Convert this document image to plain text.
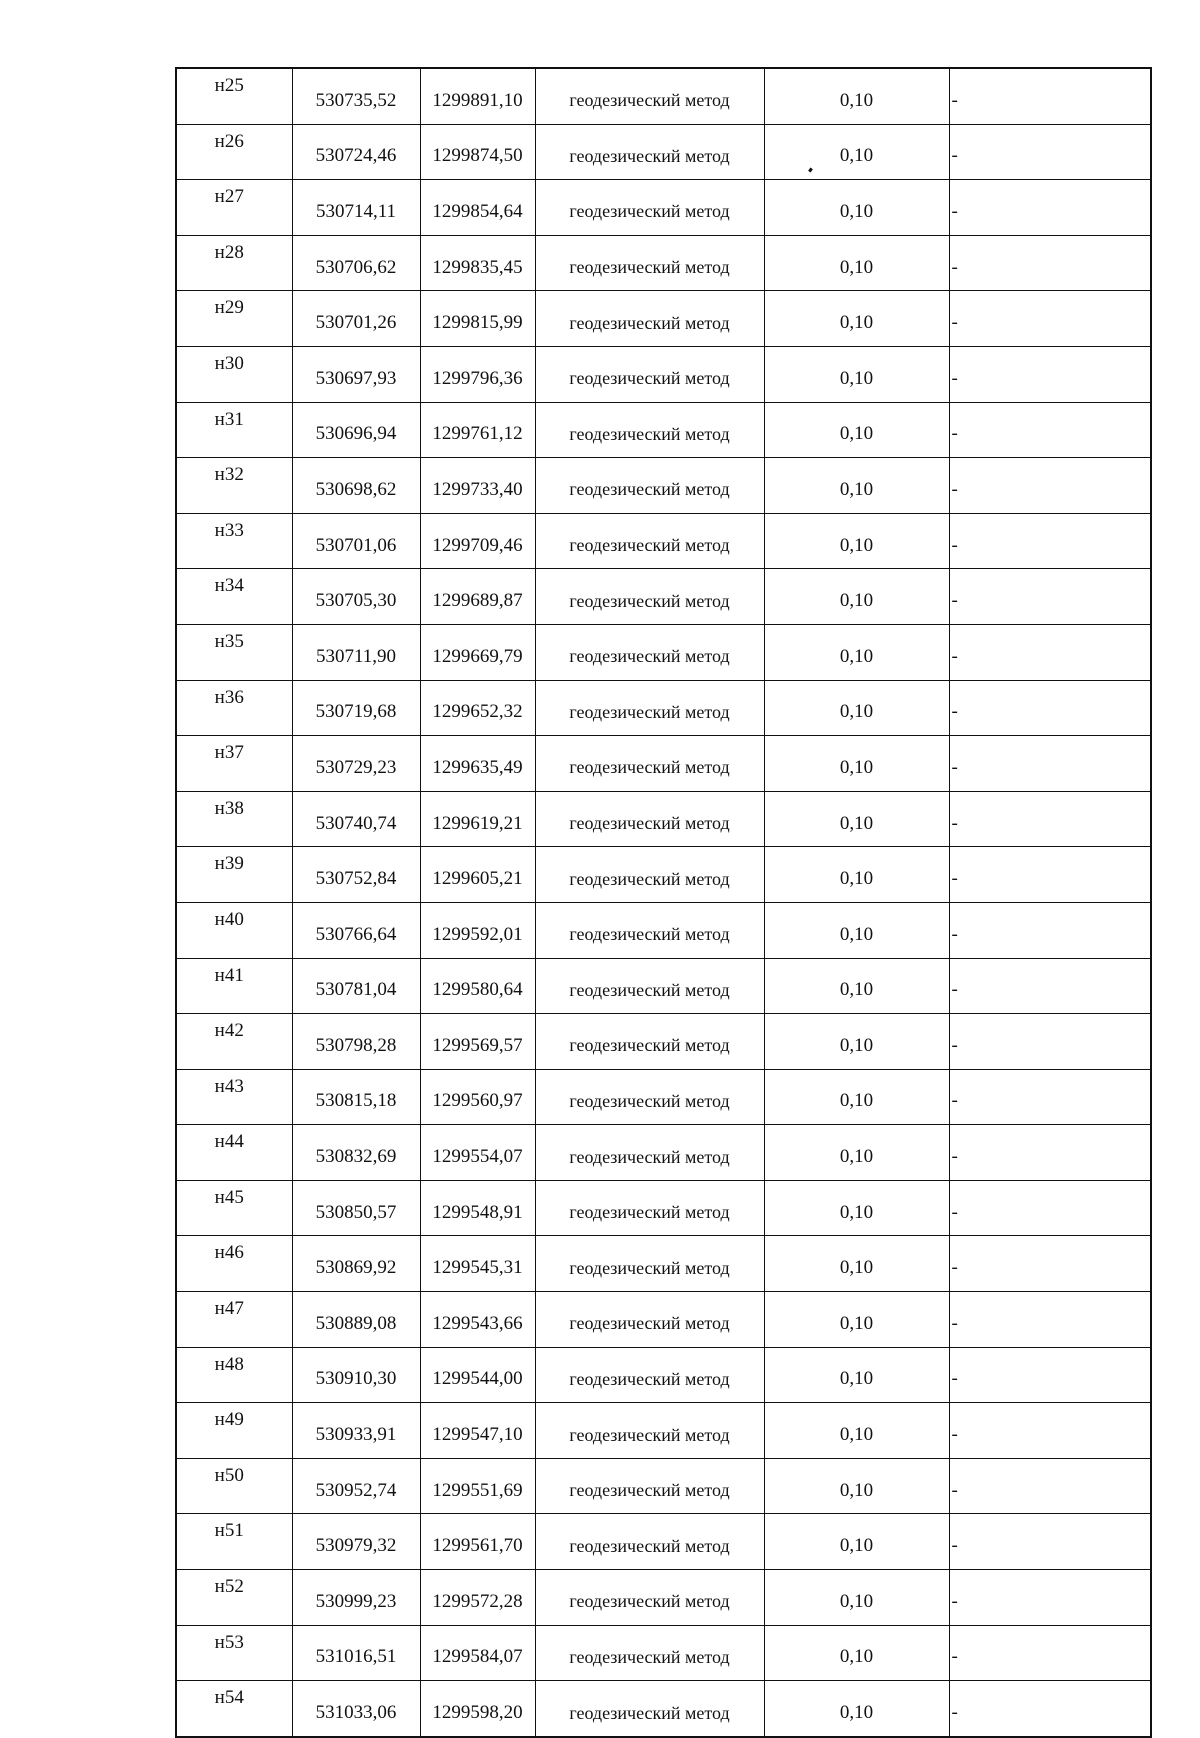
н25	530735,52	1299891,10	геодезический метод	0,10	-
н26	530724,46	1299874,50	геодезический метод	0,10	-
н27	530714,11	1299854,64	геодезический метод	0,10	-
н28	530706,62	1299835,45	геодезический метод	0,10	-
н29	530701,26	1299815,99	геодезический метод	0,10	-
н30	530697,93	1299796,36	геодезический метод	0,10	-
н31	530696,94	1299761,12	геодезический метод	0,10	-
н32	530698,62	1299733,40	геодезический метод	0,10	-
н33	530701,06	1299709,46	геодезический метод	0,10	-
н34	530705,30	1299689,87	геодезический метод	0,10	-
н35	530711,90	1299669,79	геодезический метод	0,10	-
н36	530719,68	1299652,32	геодезический метод	0,10	-
н37	530729,23	1299635,49	геодезический метод	0,10	-
н38	530740,74	1299619,21	геодезический метод	0,10	-
н39	530752,84	1299605,21	геодезический метод	0,10	-
н40	530766,64	1299592,01	геодезический метод	0,10	-
н41	530781,04	1299580,64	геодезический метод	0,10	-
н42	530798,28	1299569,57	геодезический метод	0,10	-
н43	530815,18	1299560,97	геодезический метод	0,10	-
н44	530832,69	1299554,07	геодезический метод	0,10	-
н45	530850,57	1299548,91	геодезический метод	0,10	-
н46	530869,92	1299545,31	геодезический метод	0,10	-
н47	530889,08	1299543,66	геодезический метод	0,10	-
н48	530910,30	1299544,00	геодезический метод	0,10	-
н49	530933,91	1299547,10	геодезический метод	0,10	-
н50	530952,74	1299551,69	геодезический метод	0,10	-
н51	530979,32	1299561,70	геодезический метод	0,10	-
н52	530999,23	1299572,28	геодезический метод	0,10	-
н53	531016,51	1299584,07	геодезический метод	0,10	-
н54	531033,06	1299598,20	геодезический метод	0,10	-
